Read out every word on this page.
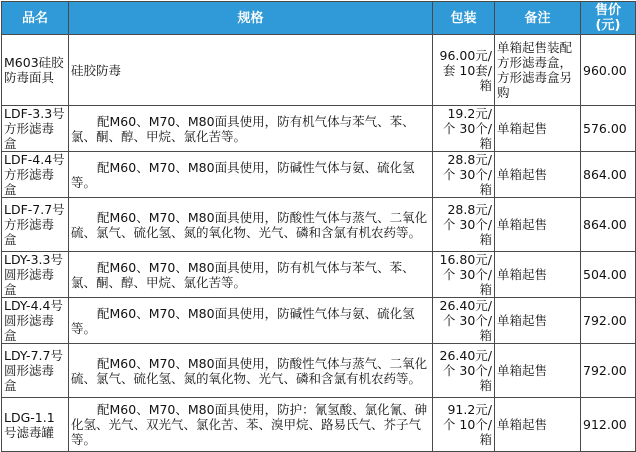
品名	规格	包装	备注	售价(元)
M603硅胶防毒面具	硅胶防毒	96.00元/套 10套/箱	单箱起售装配方形滤毒盒，方形滤毒盒另购	960.00
LDF-3.3号方形滤毒盒	配M60、M70、M80面具使用，防有机气体与苯气、苯、氯、酮、醇、甲烷、氯化苦等。	19.2元/个 30个/箱	单箱起售	576.00
LDF-4.4号方形滤毒盒	配M60、M70、M80面具使用，防碱性气体与氨、硫化氢等。	28.8元/个 30个/箱	单箱起售	864.00
LDF-7.7号方形滤毒盒	配M60、M70、M80面具使用，防酸性气体与蒸气、二氧化硫、氯气、硫化氢、氮的氧化物、光气、磷和含氯有机农药等。	28.8元/个 30个/箱	单箱起售	864.00
LDY-3.3号圆形滤毒盒	配M60、M70、M80面具使用，防有机气体与苯气、苯、氯、酮、醇、甲烷、氯化苦等。	16.80元/个 30个/箱	单箱起售	504.00
LDY-4.4号圆形滤毒盒	配M60、M70、M80面具使用，防碱性气体与氨、硫化氢等。	26.40元/个 30个/箱	单箱起售	792.00
LDY-7.7号圆形滤毒盒	配M60、M70、M80面具使用，防酸性气体与蒸气、二氧化硫、氯气、硫化氢、氮的氧化物、光气、磷和含氯有机农药等。	26.40元/个 30个/箱	单箱起售	792.00
LDG-1.1号滤毒罐	配M60、M70、M80面具使用，防护：氰氢酸、氯化氰、砷化氢、光气、双光气、氯化苦、苯、溴甲烷、路易氏气、芥子气等。	91.2元/个 10个/箱	单箱起售	912.00
